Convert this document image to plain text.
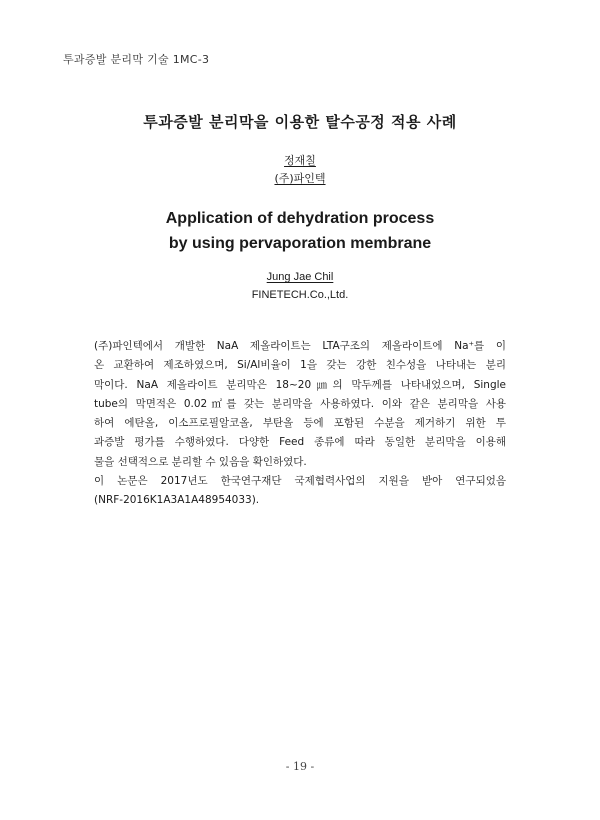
투과증발 분리막 기술 1MC-3
투과증발 분리막을 이용한 탈수공정 적용 사례
정재칠
(주)파인텍
Application of dehydration process
by using pervaporation membrane
Jung Jae Chil
FINETECH.Co.,Ltd.
(주)파인텍에서 개발한 NaA 제올라이트는 LTA구조의 제올라이트에 Na⁺를 이
온 교환하여 제조하였으며, Si/Al비율이 1을 갖는 강한 친수성을 나타내는 분리
막이다. NaA 제올라이트 분리막은 18~20㎛의 막두께를 나타내었으며, Single
tube의 막면적은 0.02㎡를 갖는 분리막을 사용하였다. 이와 같은 분리막을 사용
하여 에탄올, 이소프로필알코올, 부탄올 등에 포함된 수분을 제거하기 위한 투
과증발 평가를 수행하였다. 다양한 Feed 종류에 따라 동일한 분리막을 이용해
물을 선택적으로 분리할 수 있음을 확인하였다.
이 논문은 2017년도 한국연구재단 국제협력사업의 지원을 받아 연구되었음
(NRF-2016K1A3A1A48954033).
- 19 -
